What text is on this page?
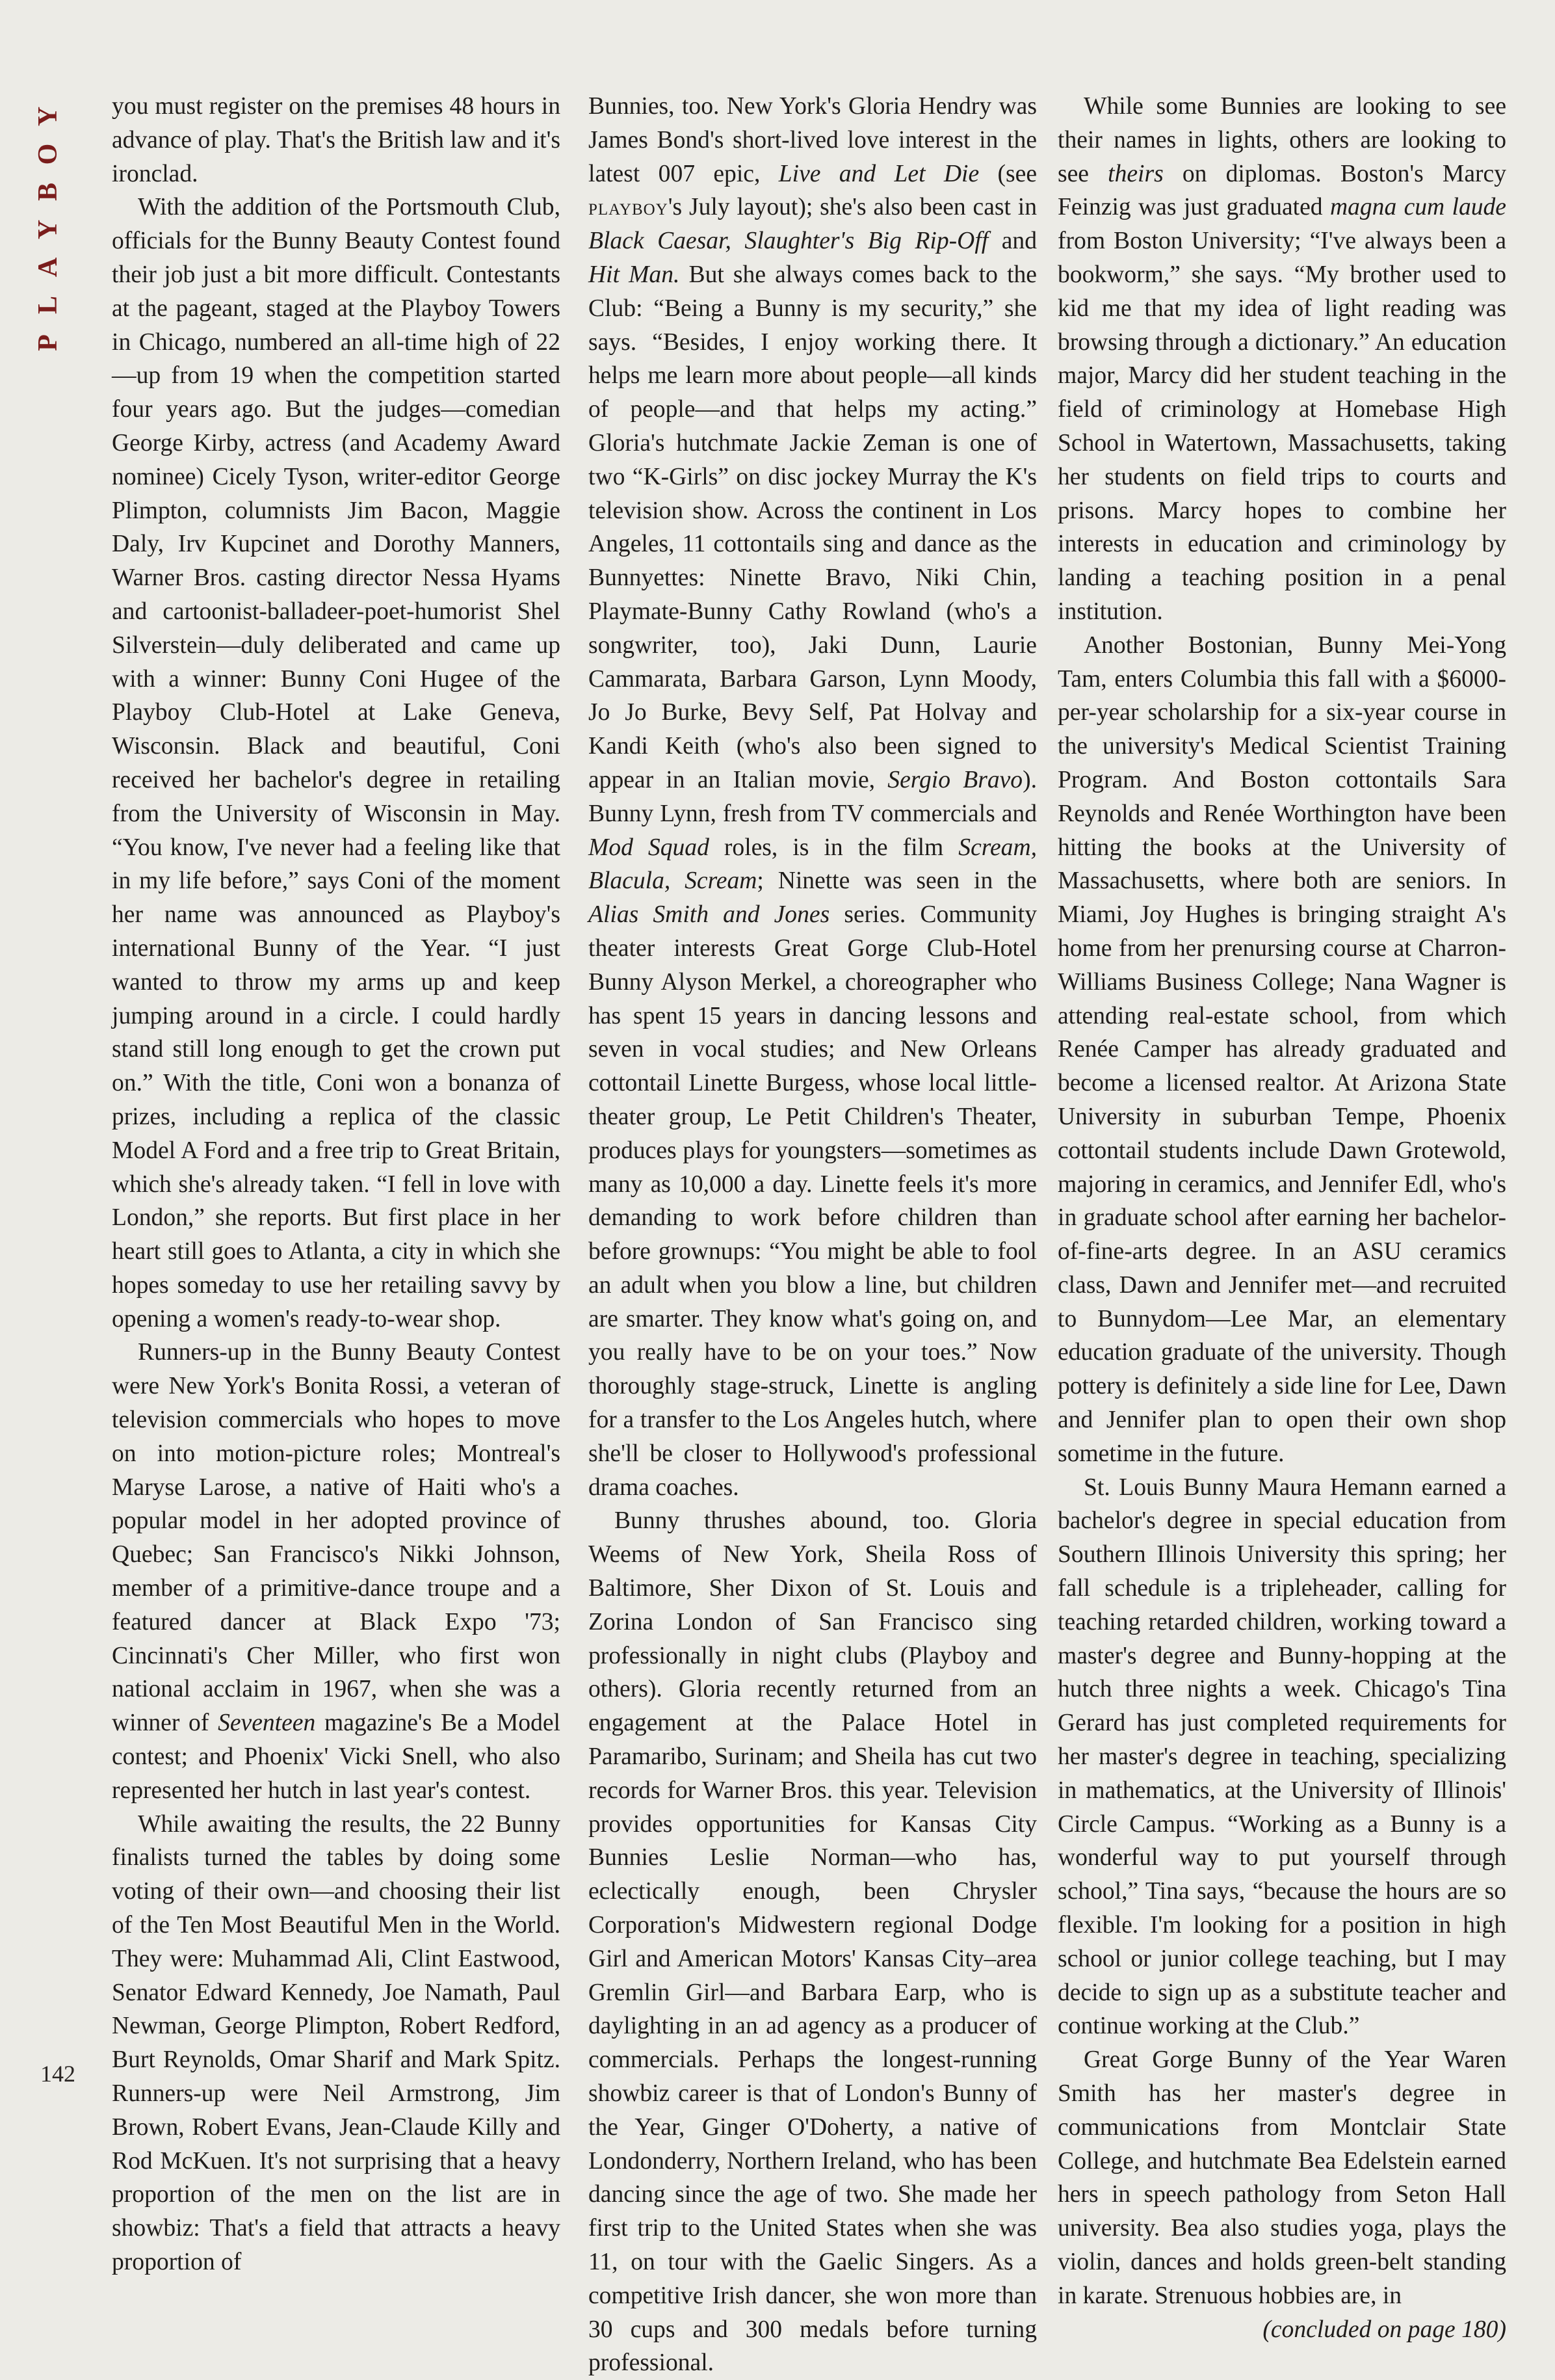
Y
O
B
Y
A
L
P
142

you must register on the premises 48 hours in advance of play. That's the British law and it's ironclad.

With the addition of the Portsmouth Club, officials for the Bunny Beauty Contest found their job just a bit more difficult. Contestants at the pageant, staged at the Playboy Towers in Chicago, numbered an all-time high of 22—up from 19 when the competition started four years ago. But the judges—comedian George Kirby, actress (and Academy Award nominee) Cicely Tyson, writer-editor George Plimpton, columnists Jim Bacon, Maggie Daly, Irv Kupcinet and Dorothy Manners, Warner Bros. casting director Nessa Hyams and cartoonist-balladeer-poet-humorist Shel Silverstein—duly deliberated and came up with a winner: Bunny Coni Hugee of the Playboy Club-Hotel at Lake Geneva, Wisconsin. Black and beautiful, Coni received her bachelor's degree in retailing from the University of Wisconsin in May. “You know, I've never had a feeling like that in my life before,” says Coni of the moment her name was announced as Playboy's international Bunny of the Year. “I just wanted to throw my arms up and keep jumping around in a circle. I could hardly stand still long enough to get the crown put on.” With the title, Coni won a bonanza of prizes, including a replica of the classic Model A Ford and a free trip to Great Britain, which she's already taken. “I fell in love with London,” she reports. But first place in her heart still goes to Atlanta, a city in which she hopes someday to use her retailing savvy by opening a women's ready-to-wear shop.

Runners-up in the Bunny Beauty Contest were New York's Bonita Rossi, a veteran of television commercials who hopes to move on into motion-picture roles; Montreal's Maryse Larose, a native of Haiti who's a popular model in her adopted province of Quebec; San Francisco's Nikki Johnson, member of a primitive-dance troupe and a featured dancer at Black Expo '73; Cincinnati's Cher Miller, who first won national acclaim in 1967, when she was a winner of Seventeen magazine's Be a Model contest; and Phoenix' Vicki Snell, who also represented her hutch in last year's contest.

While awaiting the results, the 22 Bunny finalists turned the tables by doing some voting of their own—and choosing their list of the Ten Most Beautiful Men in the World. They were: Muhammad Ali, Clint Eastwood, Senator Edward Kennedy, Joe Namath, Paul Newman, George Plimpton, Robert Redford, Burt Reynolds, Omar Sharif and Mark Spitz. Runners-up were Neil Armstrong, Jim Brown, Robert Evans, Jean-Claude Killy and Rod McKuen. It's not surprising that a heavy proportion of the men on the list are in showbiz: That's a field that attracts a heavy proportion of

Bunnies, too. New York's Gloria Hendry was James Bond's short-lived love interest in the latest 007 epic, Live and Let Die (see playboy's July layout); she's also been cast in Black Caesar, Slaughter's Big Rip-Off and Hit Man. But she always comes back to the Club: “Being a Bunny is my security,” she says. “Besides, I enjoy working there. It helps me learn more about people—all kinds of people—and that helps my acting.” Gloria's hutchmate Jackie Zeman is one of two “K-Girls” on disc jockey Murray the K's television show. Across the continent in Los Angeles, 11 cottontails sing and dance as the Bunnyettes: Ninette Bravo, Niki Chin, Playmate-Bunny Cathy Rowland (who's a songwriter, too), Jaki Dunn, Laurie Cammarata, Barbara Garson, Lynn Moody, Jo Jo Burke, Bevy Self, Pat Holvay and Kandi Keith (who's also been signed to appear in an Italian movie, Sergio Bravo). Bunny Lynn, fresh from TV commercials and Mod Squad roles, is in the film Scream, Blacula, Scream; Ninette was seen in the Alias Smith and Jones series. Community theater interests Great Gorge Club-Hotel Bunny Alyson Merkel, a choreographer who has spent 15 years in dancing lessons and seven in vocal studies; and New Orleans cottontail Linette Burgess, whose local little-theater group, Le Petit Children's Theater, produces plays for youngsters—sometimes as many as 10,000 a day. Linette feels it's more demanding to work before children than before grownups: “You might be able to fool an adult when you blow a line, but children are smarter. They know what's going on, and you really have to be on your toes.” Now thoroughly stage-struck, Linette is angling for a transfer to the Los Angeles hutch, where she'll be closer to Hollywood's professional drama coaches.

Bunny thrushes abound, too. Gloria Weems of New York, Sheila Ross of Baltimore, Sher Dixon of St. Louis and Zorina London of San Francisco sing professionally in night clubs (Playboy and others). Gloria recently returned from an engagement at the Palace Hotel in Paramaribo, Surinam; and Sheila has cut two records for Warner Bros. this year. Television provides opportunities for Kansas City Bunnies Leslie Norman—who has, eclectically enough, been Chrysler Corporation's Midwestern regional Dodge Girl and American Motors' Kansas City–area Gremlin Girl—and Barbara Earp, who is daylighting in an ad agency as a producer of commercials. Perhaps the longest-running showbiz career is that of London's Bunny of the Year, Ginger O'Doherty, a native of Londonderry, Northern Ireland, who has been dancing since the age of two. She made her first trip to the United States when she was 11, on tour with the Gaelic Singers. As a competitive Irish dancer, she won more than 30 cups and 300 medals before turning professional.

While some Bunnies are looking to see their names in lights, others are looking to see theirs on diplomas. Boston's Marcy Feinzig was just graduated magna cum laude from Boston University; “I've always been a bookworm,” she says. “My brother used to kid me that my idea of light reading was browsing through a dictionary.” An education major, Marcy did her student teaching in the field of criminology at Homebase High School in Watertown, Massachusetts, taking her students on field trips to courts and prisons. Marcy hopes to combine her interests in education and criminology by landing a teaching position in a penal institution.

Another Bostonian, Bunny Mei-Yong Tam, enters Columbia this fall with a $6000-per-year scholarship for a six-year course in the university's Medical Scientist Training Program. And Boston cottontails Sara Reynolds and Renée Worthington have been hitting the books at the University of Massachusetts, where both are seniors. In Miami, Joy Hughes is bringing straight A's home from her prenursing course at Charron-Williams Business College; Nana Wagner is attending real-estate school, from which Renée Camper has already graduated and become a licensed realtor. At Arizona State University in suburban Tempe, Phoenix cottontail students include Dawn Grotewold, majoring in ceramics, and Jennifer Edl, who's in graduate school after earning her bachelor-of-fine-arts degree. In an ASU ceramics class, Dawn and Jennifer met—and recruited to Bunnydom—Lee Mar, an elementary education graduate of the university. Though pottery is definitely a side line for Lee, Dawn and Jennifer plan to open their own shop sometime in the future.

St. Louis Bunny Maura Hemann earned a bachelor's degree in special education from Southern Illinois University this spring; her fall schedule is a tripleheader, calling for teaching retarded children, working toward a master's degree and Bunny-hopping at the hutch three nights a week. Chicago's Tina Gerard has just completed requirements for her master's degree in teaching, specializing in mathematics, at the University of Illinois' Circle Campus. “Working as a Bunny is a wonderful way to put yourself through school,” Tina says, “because the hours are so flexible. I'm looking for a position in high school or junior college teaching, but I may decide to sign up as a substitute teacher and continue working at the Club.”

Great Gorge Bunny of the Year Waren Smith has her master's degree in communications from Montclair State College, and hutchmate Bea Edelstein earned hers in speech pathology from Seton Hall university. Bea also studies yoga, plays the violin, dances and holds green-belt standing in karate. Strenuous hobbies are, in

(concluded on page 180)
